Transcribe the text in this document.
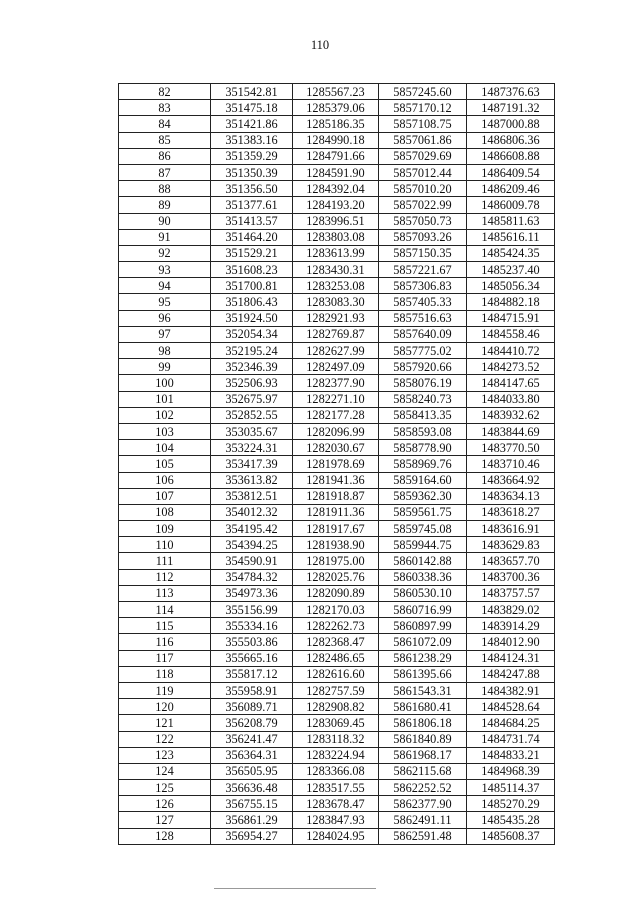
110
82	351542.81	1285567.23	5857245.60	1487376.63
83	351475.18	1285379.06	5857170.12	1487191.32
84	351421.86	1285186.35	5857108.75	1487000.88
85	351383.16	1284990.18	5857061.86	1486806.36
86	351359.29	1284791.66	5857029.69	1486608.88
87	351350.39	1284591.90	5857012.44	1486409.54
88	351356.50	1284392.04	5857010.20	1486209.46
89	351377.61	1284193.20	5857022.99	1486009.78
90	351413.57	1283996.51	5857050.73	1485811.63
91	351464.20	1283803.08	5857093.26	1485616.11
92	351529.21	1283613.99	5857150.35	1485424.35
93	351608.23	1283430.31	5857221.67	1485237.40
94	351700.81	1283253.08	5857306.83	1485056.34
95	351806.43	1283083.30	5857405.33	1484882.18
96	351924.50	1282921.93	5857516.63	1484715.91
97	352054.34	1282769.87	5857640.09	1484558.46
98	352195.24	1282627.99	5857775.02	1484410.72
99	352346.39	1282497.09	5857920.66	1484273.52
100	352506.93	1282377.90	5858076.19	1484147.65
101	352675.97	1282271.10	5858240.73	1484033.80
102	352852.55	1282177.28	5858413.35	1483932.62
103	353035.67	1282096.99	5858593.08	1483844.69
104	353224.31	1282030.67	5858778.90	1483770.50
105	353417.39	1281978.69	5858969.76	1483710.46
106	353613.82	1281941.36	5859164.60	1483664.92
107	353812.51	1281918.87	5859362.30	1483634.13
108	354012.32	1281911.36	5859561.75	1483618.27
109	354195.42	1281917.67	5859745.08	1483616.91
110	354394.25	1281938.90	5859944.75	1483629.83
111	354590.91	1281975.00	5860142.88	1483657.70
112	354784.32	1282025.76	5860338.36	1483700.36
113	354973.36	1282090.89	5860530.10	1483757.57
114	355156.99	1282170.03	5860716.99	1483829.02
115	355334.16	1282262.73	5860897.99	1483914.29
116	355503.86	1282368.47	5861072.09	1484012.90
117	355665.16	1282486.65	5861238.29	1484124.31
118	355817.12	1282616.60	5861395.66	1484247.88
119	355958.91	1282757.59	5861543.31	1484382.91
120	356089.71	1282908.82	5861680.41	1484528.64
121	356208.79	1283069.45	5861806.18	1484684.25
122	356241.47	1283118.32	5861840.89	1484731.74
123	356364.31	1283224.94	5861968.17	1484833.21
124	356505.95	1283366.08	5862115.68	1484968.39
125	356636.48	1283517.55	5862252.52	1485114.37
126	356755.15	1283678.47	5862377.90	1485270.29
127	356861.29	1283847.93	5862491.11	1485435.28
128	356954.27	1284024.95	5862591.48	1485608.37
